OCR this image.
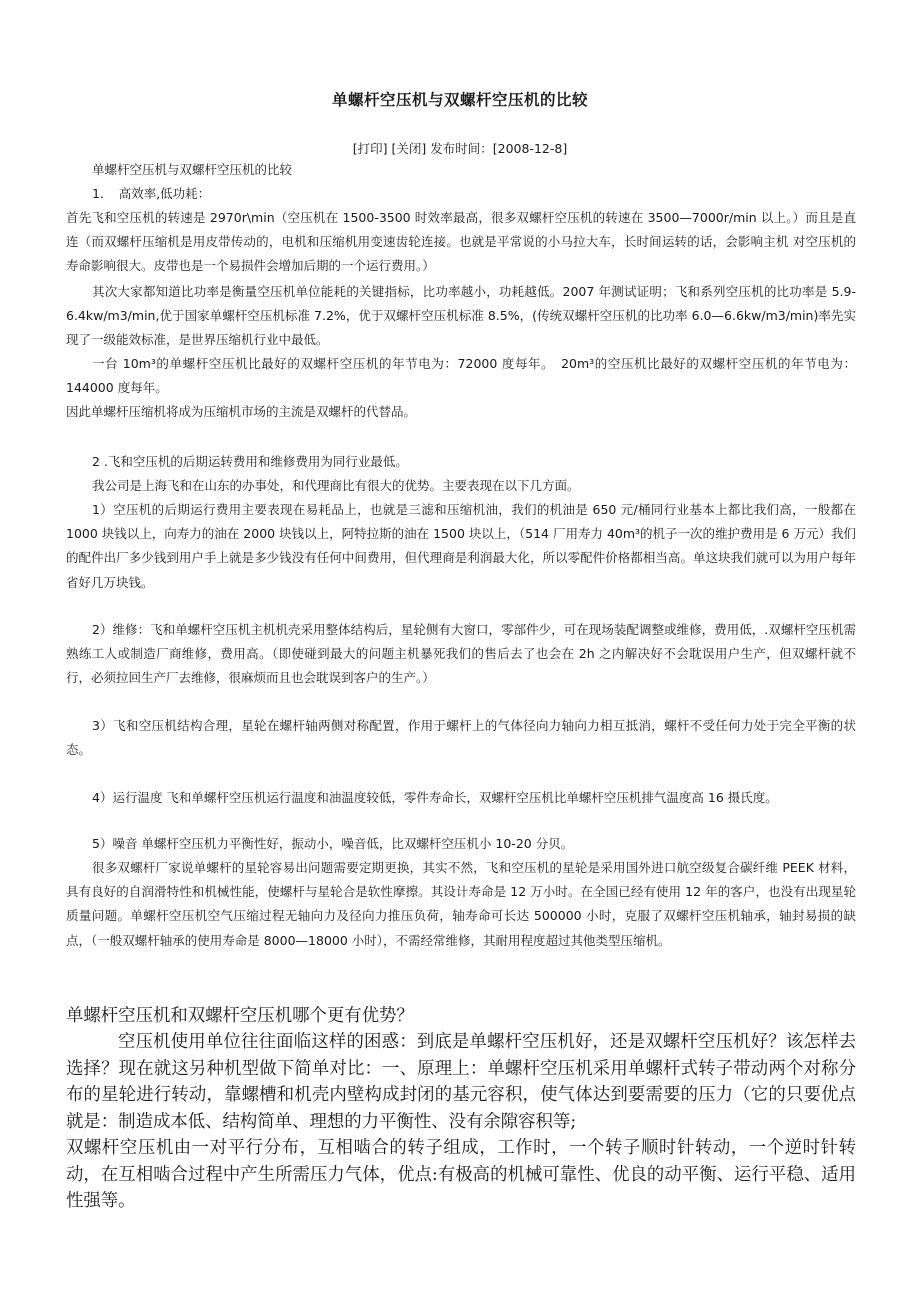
单螺杆空压机与双螺杆空压机的比较
[打印] [关闭] 发布时间：[2008-12-8]

单螺杆空压机与双螺杆空压机的比较

1．　高效率,低功耗：

首先飞和空压机的转速是 2970r\min（空压机在 1500-3500 时效率最高，很多双螺杆空压机的转速在 3500—7000r/min 以上。）而且是直连（而双螺杆压缩机是用皮带传动的，电机和压缩机用变速齿轮连接。也就是平常说的小马拉大车，长时间运转的话，会影响主机 对空压机的寿命影响很大。皮带也是一个易损件会增加后期的一个运行费用。）

其次大家都知道比功率是衡量空压机单位能耗的关键指标，比功率越小，功耗越低。2007 年测试证明；飞和系列空压机的比功率是 5.9-6.4kw/m3/min,优于国家单螺杆空压机标准 7.2%，优于双螺杆空压机标准 8.5%，(传统双螺杆空压机的比功率 6.0—6.6kw/m3/min)率先实现了一级能效标准，是世界压缩机行业中最低。

一台 10m³的单螺杆空压机比最好的双螺杆空压机的年节电为：72000 度每年。　20m³的空压机比最好的双螺杆空压机的年节电为：144000 度每年。

因此单螺杆压缩机将成为压缩机市场的主流是双螺杆的代替品。

2 .飞和空压机的后期运转费用和维修费用为同行业最低。

我公司是上海飞和在山东的办事处，和代理商比有很大的优势。主要表现在以下几方面。

1）空压机的后期运行费用主要表现在易耗品上，也就是三滤和压缩机油，我们的机油是 650 元/桶同行业基本上都比我们高，一般都在 1000 块钱以上，向寿力的油在 2000 块钱以上，阿特拉斯的油在 1500 块以上，（514 厂用寿力 40m³的机子一次的维护费用是 6 万元）我们的配件出厂多少钱到用户手上就是多少钱没有任何中间费用，但代理商是利润最大化，所以零配件价格都相当高。单这块我们就可以为用户每年省好几万块钱。

2）维修：飞和单螺杆空压机主机机壳采用整体结构后，星轮侧有大窗口，零部件少，可在现场装配调整或维修，费用低，.双螺杆空压机需熟练工人或制造厂商维修，费用高。（即使碰到最大的问题主机暴死我们的售后去了也会在 2h 之内解决好不会耽误用户生产，但双螺杆就不行，必须拉回生产厂去维修，很麻烦而且也会耽误到客户的生产。）

3）飞和空压机结构合理，星轮在螺杆轴两侧对称配置，作用于螺杆上的气体径向力轴向力相互抵消，螺杆不受任何力处于完全平衡的状态。

4）运行温度 飞和单螺杆空压机运行温度和油温度较低，零件寿命长，双螺杆空压机比单螺杆空压机排气温度高 16 摄氏度。

5）噪音 单螺杆空压机力平衡性好，振动小，噪音低，比双螺杆空压机小 10-20 分贝。

很多双螺杆厂家说单螺杆的星轮容易出问题需要定期更换，其实不然，飞和空压机的星轮是采用国外进口航空级复合碳纤维 PEEK 材料，具有良好的自润滑特性和机械性能，使螺杆与星轮合是软性摩擦。其设计寿命是 12 万小时。在全国已经有使用 12 年的客户，也没有出现星轮质量问题。单螺杆空压机空气压缩过程无轴向力及径向力推压负荷，轴寿命可长达 500000 小时，克服了双螺杆空压机轴承，轴封易损的缺点，（一般双螺杆轴承的使用寿命是 8000—18000 小时），不需经常维修，其耐用程度超过其他类型压缩机。

单螺杆空压机和双螺杆空压机哪个更有优势？

空压机使用单位往往面临这样的困惑：到底是单螺杆空压机好，还是双螺杆空压机好？该怎样去选择？现在就这另种机型做下简单对比：一、原理上：单螺杆空压机采用单螺杆式转子带动两个对称分布的星轮进行转动，靠螺槽和机壳内壁构成封闭的基元容积，使气体达到要需要的压力（它的只要优点就是：制造成本低、结构简单、理想的力平衡性、没有余隙容积等;

双螺杆空压机由一对平行分布，互相啮合的转子组成，工作时，一个转子顺时针转动，一个逆时针转动，在互相啮合过程中产生所需压力气体，优点:有极高的机械可靠性、优良的动平衡、运行平稳、适用性强等。
